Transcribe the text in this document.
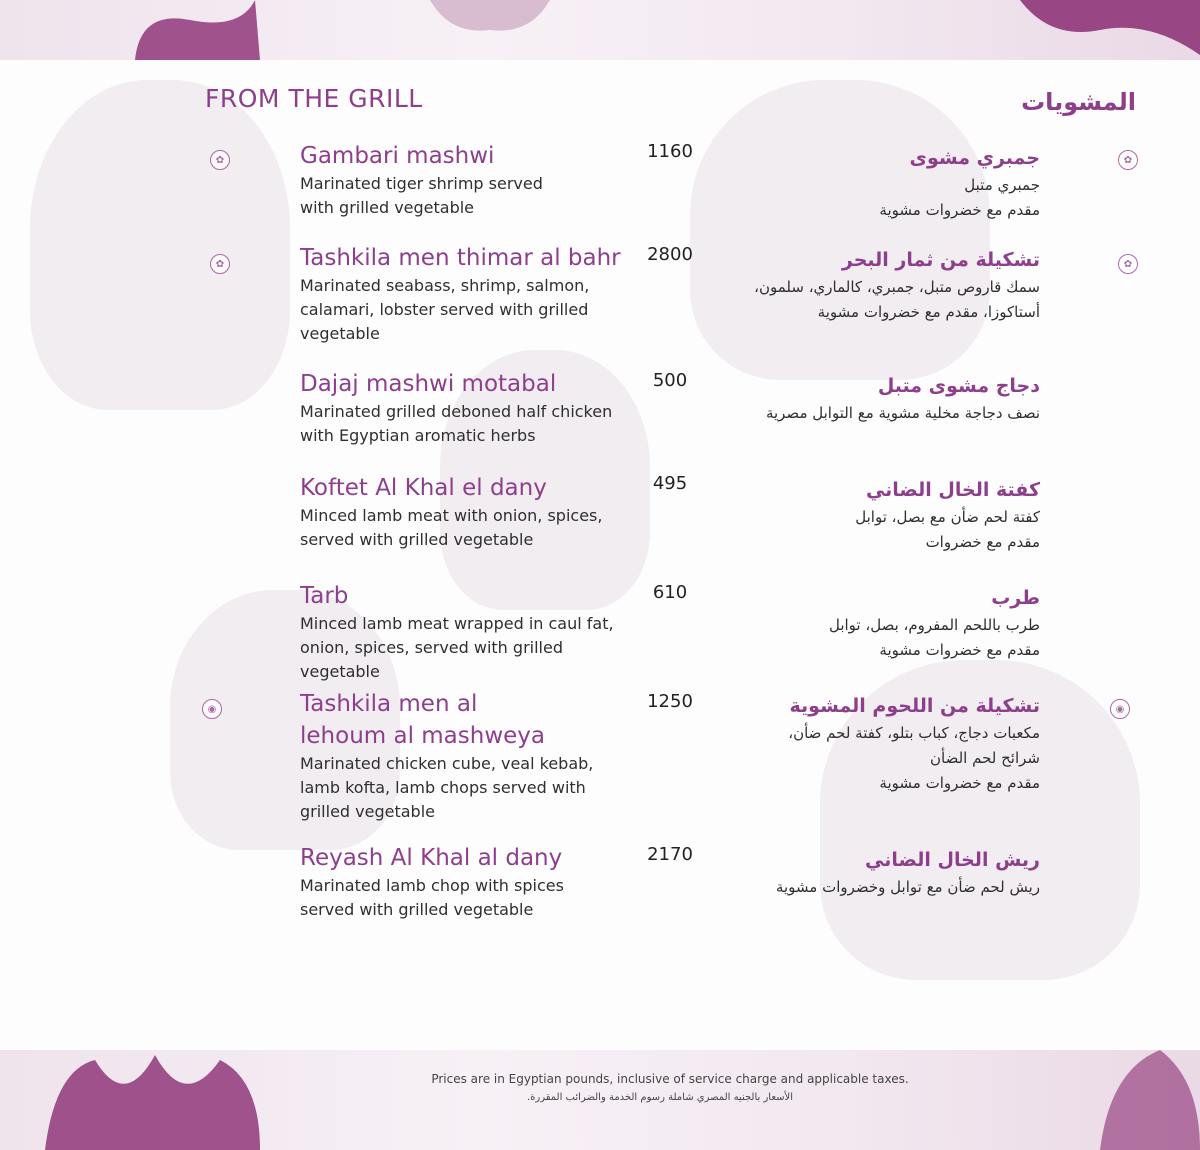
FROM THE GRILL	المشويات
✿	✿
Gambari mashwi
Marinated tiger shrimp served with grilled vegetable
1160	جمبري مشوى
جمبري متبل
مقدم مع خضروات مشوية
✿	✿
Tashkila men thimar al bahr
Marinated seabass, shrimp, salmon, calamari, lobster served with grilled vegetable
2800	تشكيلة من ثمار البحر
سمك قاروص متبل، جمبري، كالماري، سلمون،
أستاكوزا، مقدم مع خضروات مشوية
Dajaj mashwi motabal
Marinated grilled deboned half chicken with Egyptian aromatic herbs
500	دجاج مشوى متبل
نصف دجاجة مخلية مشوية مع التوابل مصرية
Koftet Al Khal el dany
Minced lamb meat with onion, spices, served with grilled vegetable
495	كفتة الخال الضاني
كفتة لحم ضأن مع بصل، توابل
مقدم مع خضروات
Tarb
Minced lamb meat wrapped in caul fat, onion, spices, served with grilled vegetable
610	طرب
طرب باللحم المفروم، بصل، توابل
مقدم مع خضروات مشوية
◉	◉
Tashkila men al lehoum al mashweya
Marinated chicken cube, veal kebab, lamb kofta, lamb chops served with grilled vegetable
1250	تشكيلة من اللحوم المشوية
مكعبات دجاج، كباب بتلو، كفتة لحم ضأن،
شرائح لحم الضأن
مقدم مع خضروات مشوية
Reyash Al Khal al dany
Marinated lamb chop with spices served with grilled vegetable
2170	ريش الخال الضاني
ريش لحم ضأن مع توابل وخضروات مشوية
Prices are in Egyptian pounds, inclusive of service charge and applicable taxes.
الأسعار بالجنيه المصري شاملة رسوم الخدمة والضرائب المقررة.
